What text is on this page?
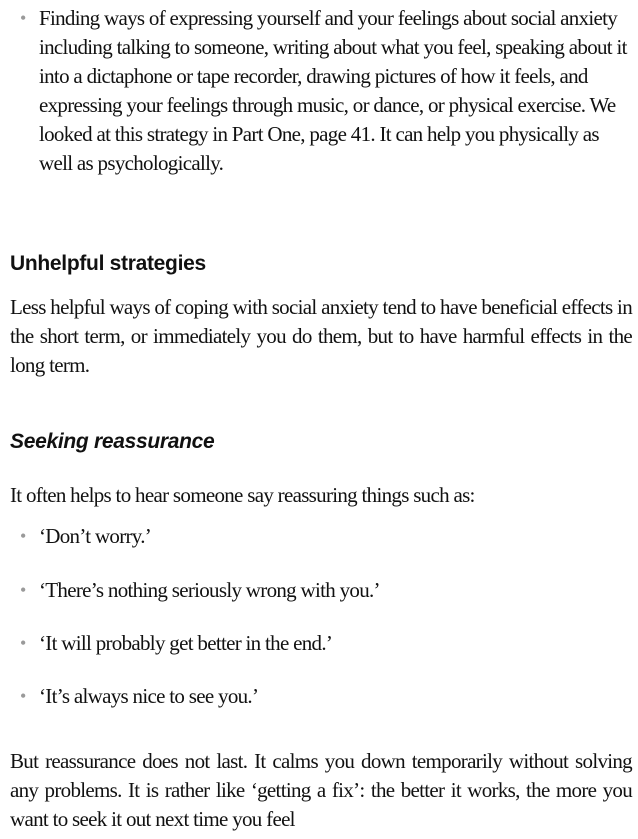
• Finding ways of expressing yourself and your feelings about social anxiety including talking to someone, writing about what you feel, speaking about it into a dictaphone or tape recorder, drawing pictures of how it feels, and expressing your feelings through music, or dance, or physical exercise. We looked at this strategy in Part One, page 41. It can help you physically as well as psychologically.
Unhelpful strategies
Less helpful ways of coping with social anxiety tend to have beneficial effects in the short term, or immediately you do them, but to have harmful effects in the long term.
Seeking reassurance
It often helps to hear someone say reassuring things such as:
• ‘Don’t worry.’
• ‘There’s nothing seriously wrong with you.’
• ‘It will probably get better in the end.’
• ‘It’s always nice to see you.’
But reassurance does not last. It calms you down temporarily without solving any problems. It is rather like ‘getting a fix’: the better it works, the more you want to seek it out next time you feel
